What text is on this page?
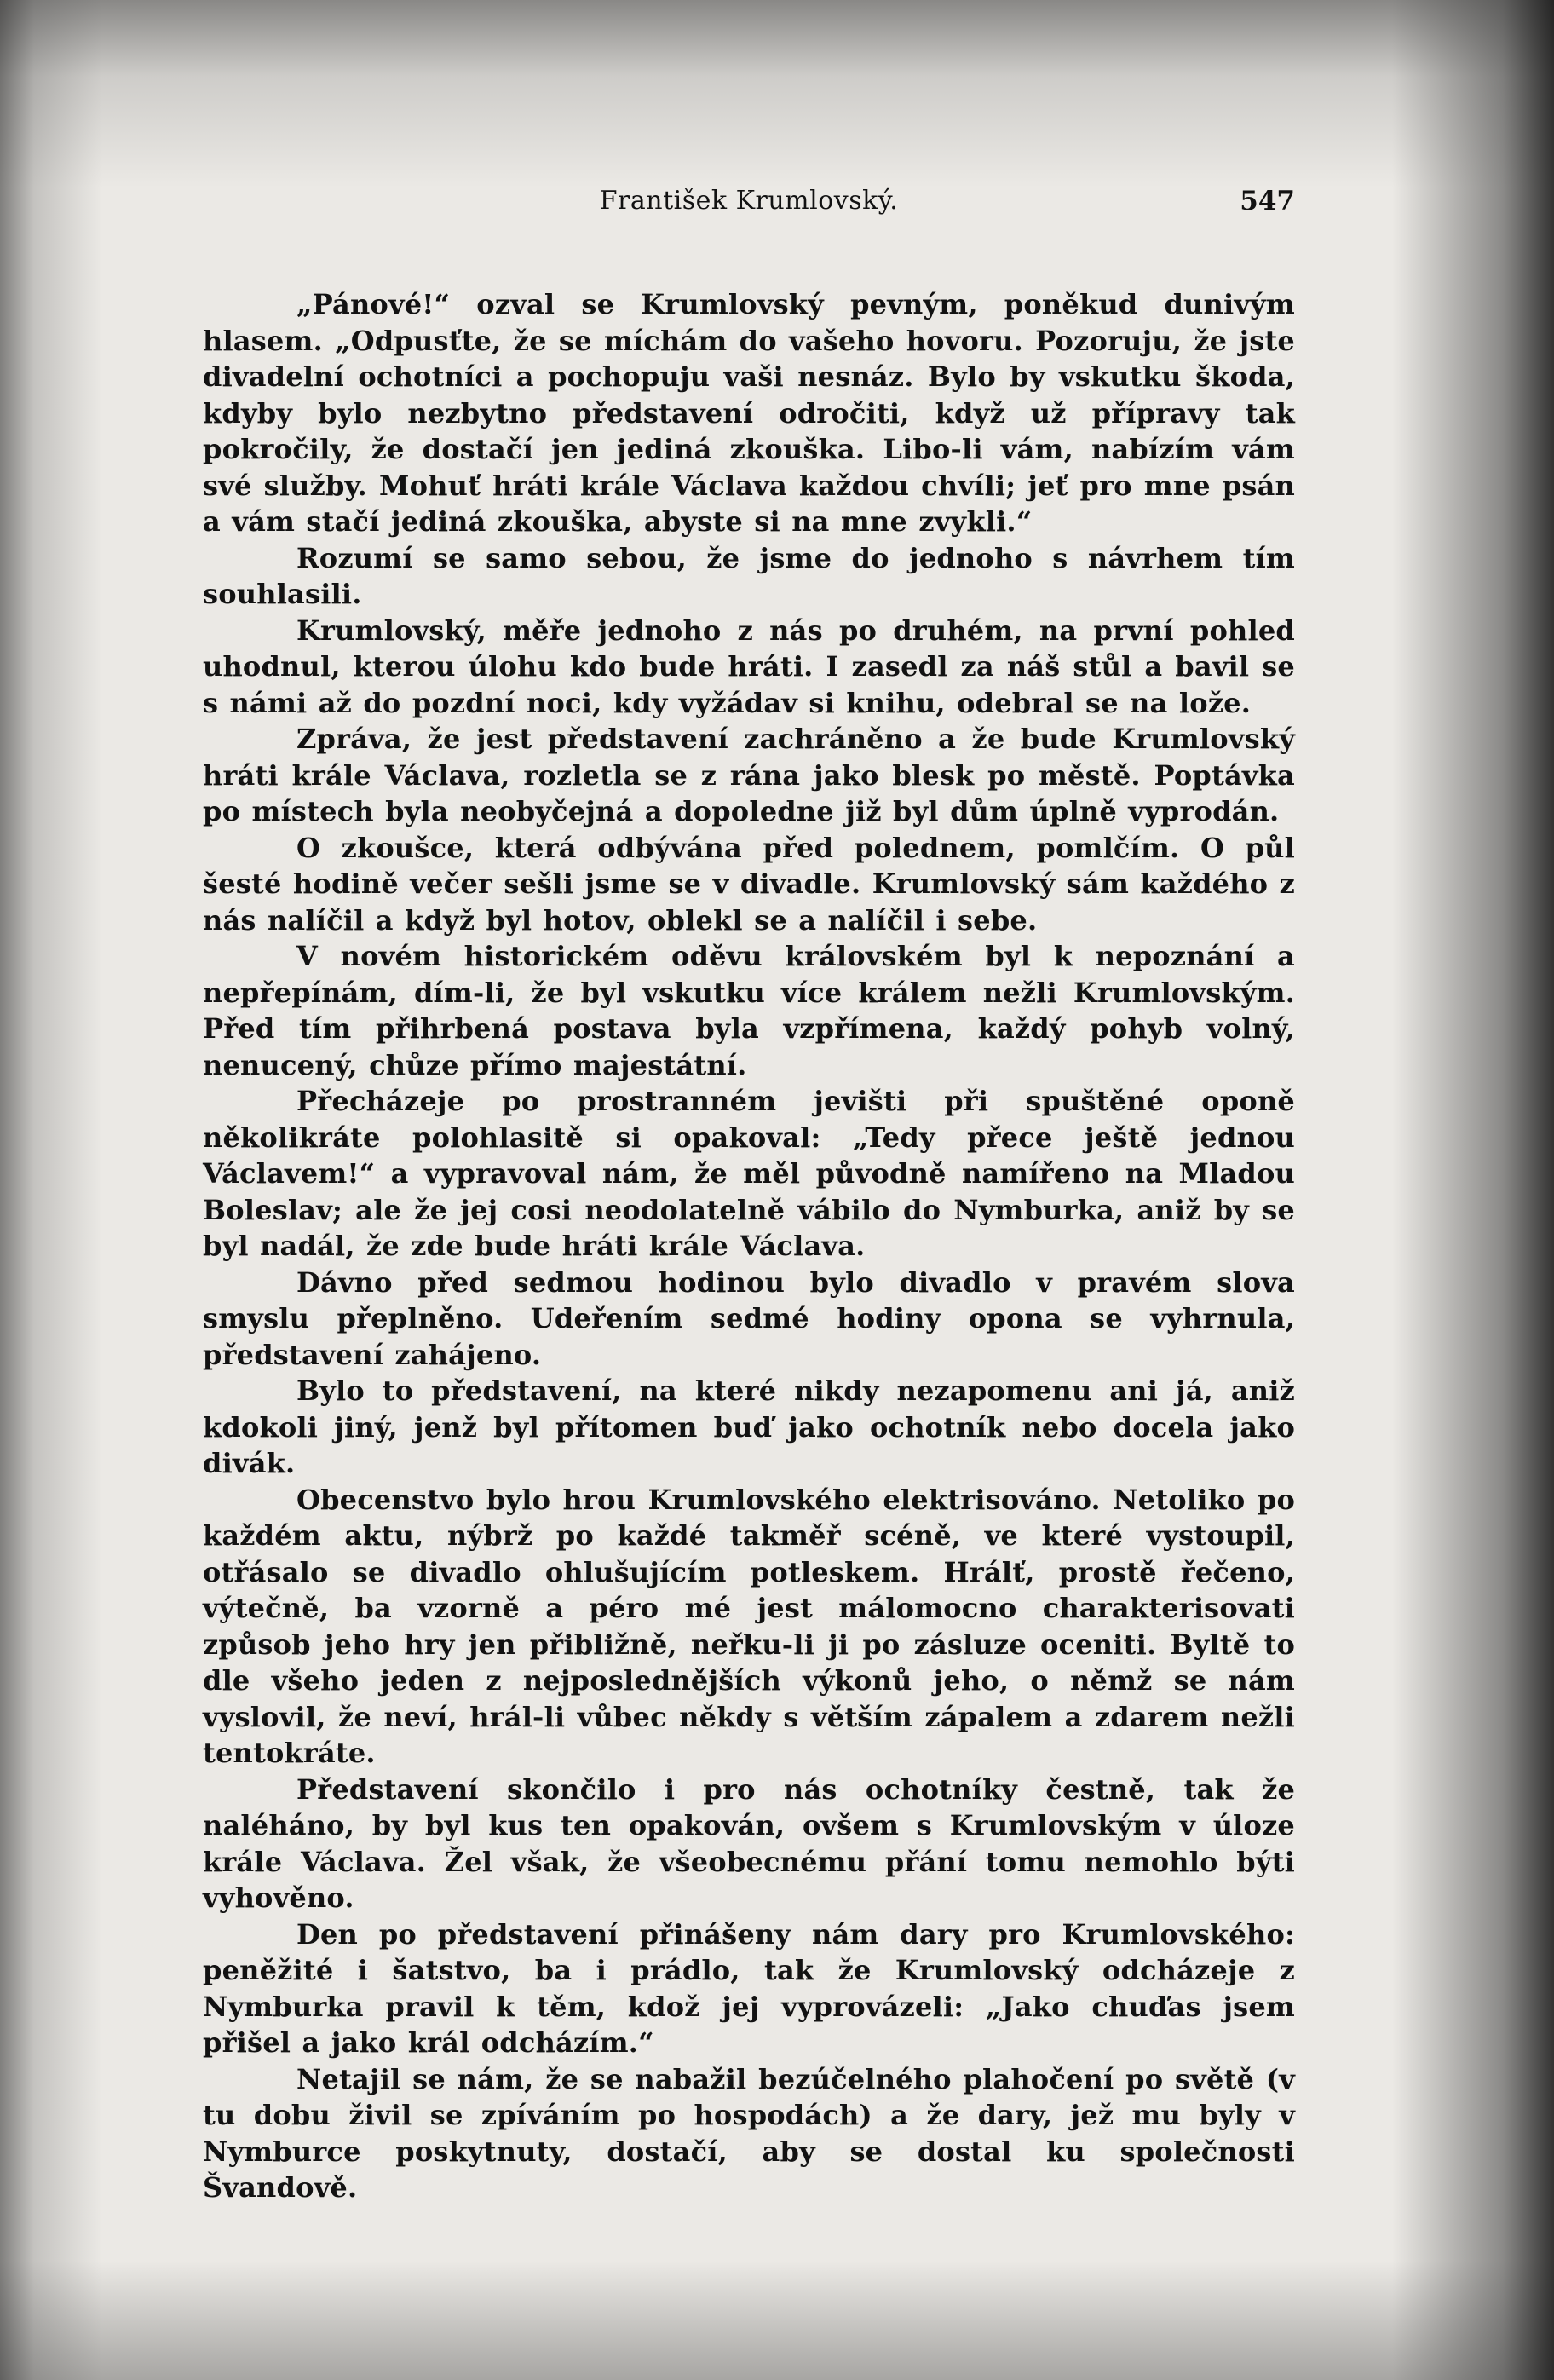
František Krumlovský.	547

„Pánové!“ ozval se Krumlovský pevným, poněkud dunivým hlasem. „Odpusťte, že se míchám do vašeho hovoru. Pozoruju, že jste divadelní ochotníci a pochopuju vaši nesnáz. Bylo by vskutku škoda, kdyby bylo nezbytno představení odročiti, když už přípravy tak pokročily, že dostačí jen jediná zkouška. Libo-li vám, nabízím vám své služby. Mohuť hráti krále Václava každou chvíli; jeť pro mne psán a vám stačí jediná zkouška, abyste si na mne zvykli.“

Rozumí se samo sebou, že jsme do jednoho s návrhem tím souhlasili.

Krumlovský, měře jednoho z nás po druhém, na první pohled uhodnul, kterou úlohu kdo bude hráti. I zasedl za náš stůl a bavil se s námi až do pozdní noci, kdy vyžádav si knihu, odebral se na lože.

Zpráva, že jest představení zachráněno a že bude Krumlovský hráti krále Václava, rozletla se z rána jako blesk po městě. Poptávka po místech byla neobyčejná a dopoledne již byl dům úplně vyprodán.

O zkoušce, která odbývána před polednem, pomlčím. O půl šesté hodině večer sešli jsme se v divadle. Krumlovský sám každého z nás nalíčil a když byl hotov, oblekl se a nalíčil i sebe.

V novém historickém oděvu královském byl k nepoznání a nepřepínám, dím-li, že byl vskutku více králem nežli Krumlovským. Před tím přihrbená postava byla vzpřímena, každý pohyb volný, nenucený, chůze přímo majestátní.

Přecházeje po prostranném jevišti při spuštěné oponě několikráte polohlasitě si opakoval: „Tedy přece ještě jednou Václavem!“ a vypravoval nám, že měl původně namířeno na Mladou Boleslav; ale že jej cosi neodolatelně vábilo do Nymburka, aniž by se byl nadál, že zde bude hráti krále Václava.

Dávno před sedmou hodinou bylo divadlo v pravém slova smyslu přeplněno. Udeřením sedmé hodiny opona se vyhrnula, představení zahájeno.

Bylo to představení, na které nikdy nezapomenu ani já, aniž kdokoli jiný, jenž byl přítomen buď jako ochotník nebo docela jako divák.

Obecenstvo bylo hrou Krumlovského elektrisováno. Netoliko po každém aktu, nýbrž po každé takměř scéně, ve které vystoupil, otřásalo se divadlo ohlušujícím potleskem. Hrálť, prostě řečeno, výtečně, ba vzorně a péro mé jest málomocno charakterisovati způsob jeho hry jen přibližně, neřku-li ji po zásluze oceniti. Byltě to dle všeho jeden z nejposlednějších výkonů jeho, o němž se nám vyslovil, že neví, hrál-li vůbec někdy s větším zápalem a zdarem nežli tentokráte.

Představení skončilo i pro nás ochotníky čestně, tak že naléháno, by byl kus ten opakován, ovšem s Krumlovským v úloze krále Václava. Žel však, že všeobecnému přání tomu nemohlo býti vyhověno.

Den po představení přinášeny nám dary pro Krumlovského: peněžité i šatstvo, ba i prádlo, tak že Krumlovský odcházeje z Nymburka pravil k těm, kdož jej vyprovázeli: „Jako chuďas jsem přišel a jako král odcházím.“

Netajil se nám, že se nabažil bezúčelného plahočení po světě (v tu dobu živil se zpíváním po hospodách) a že dary, jež mu byly v Nymburce poskytnuty, dostačí, aby se dostal ku společnosti Švandově.
